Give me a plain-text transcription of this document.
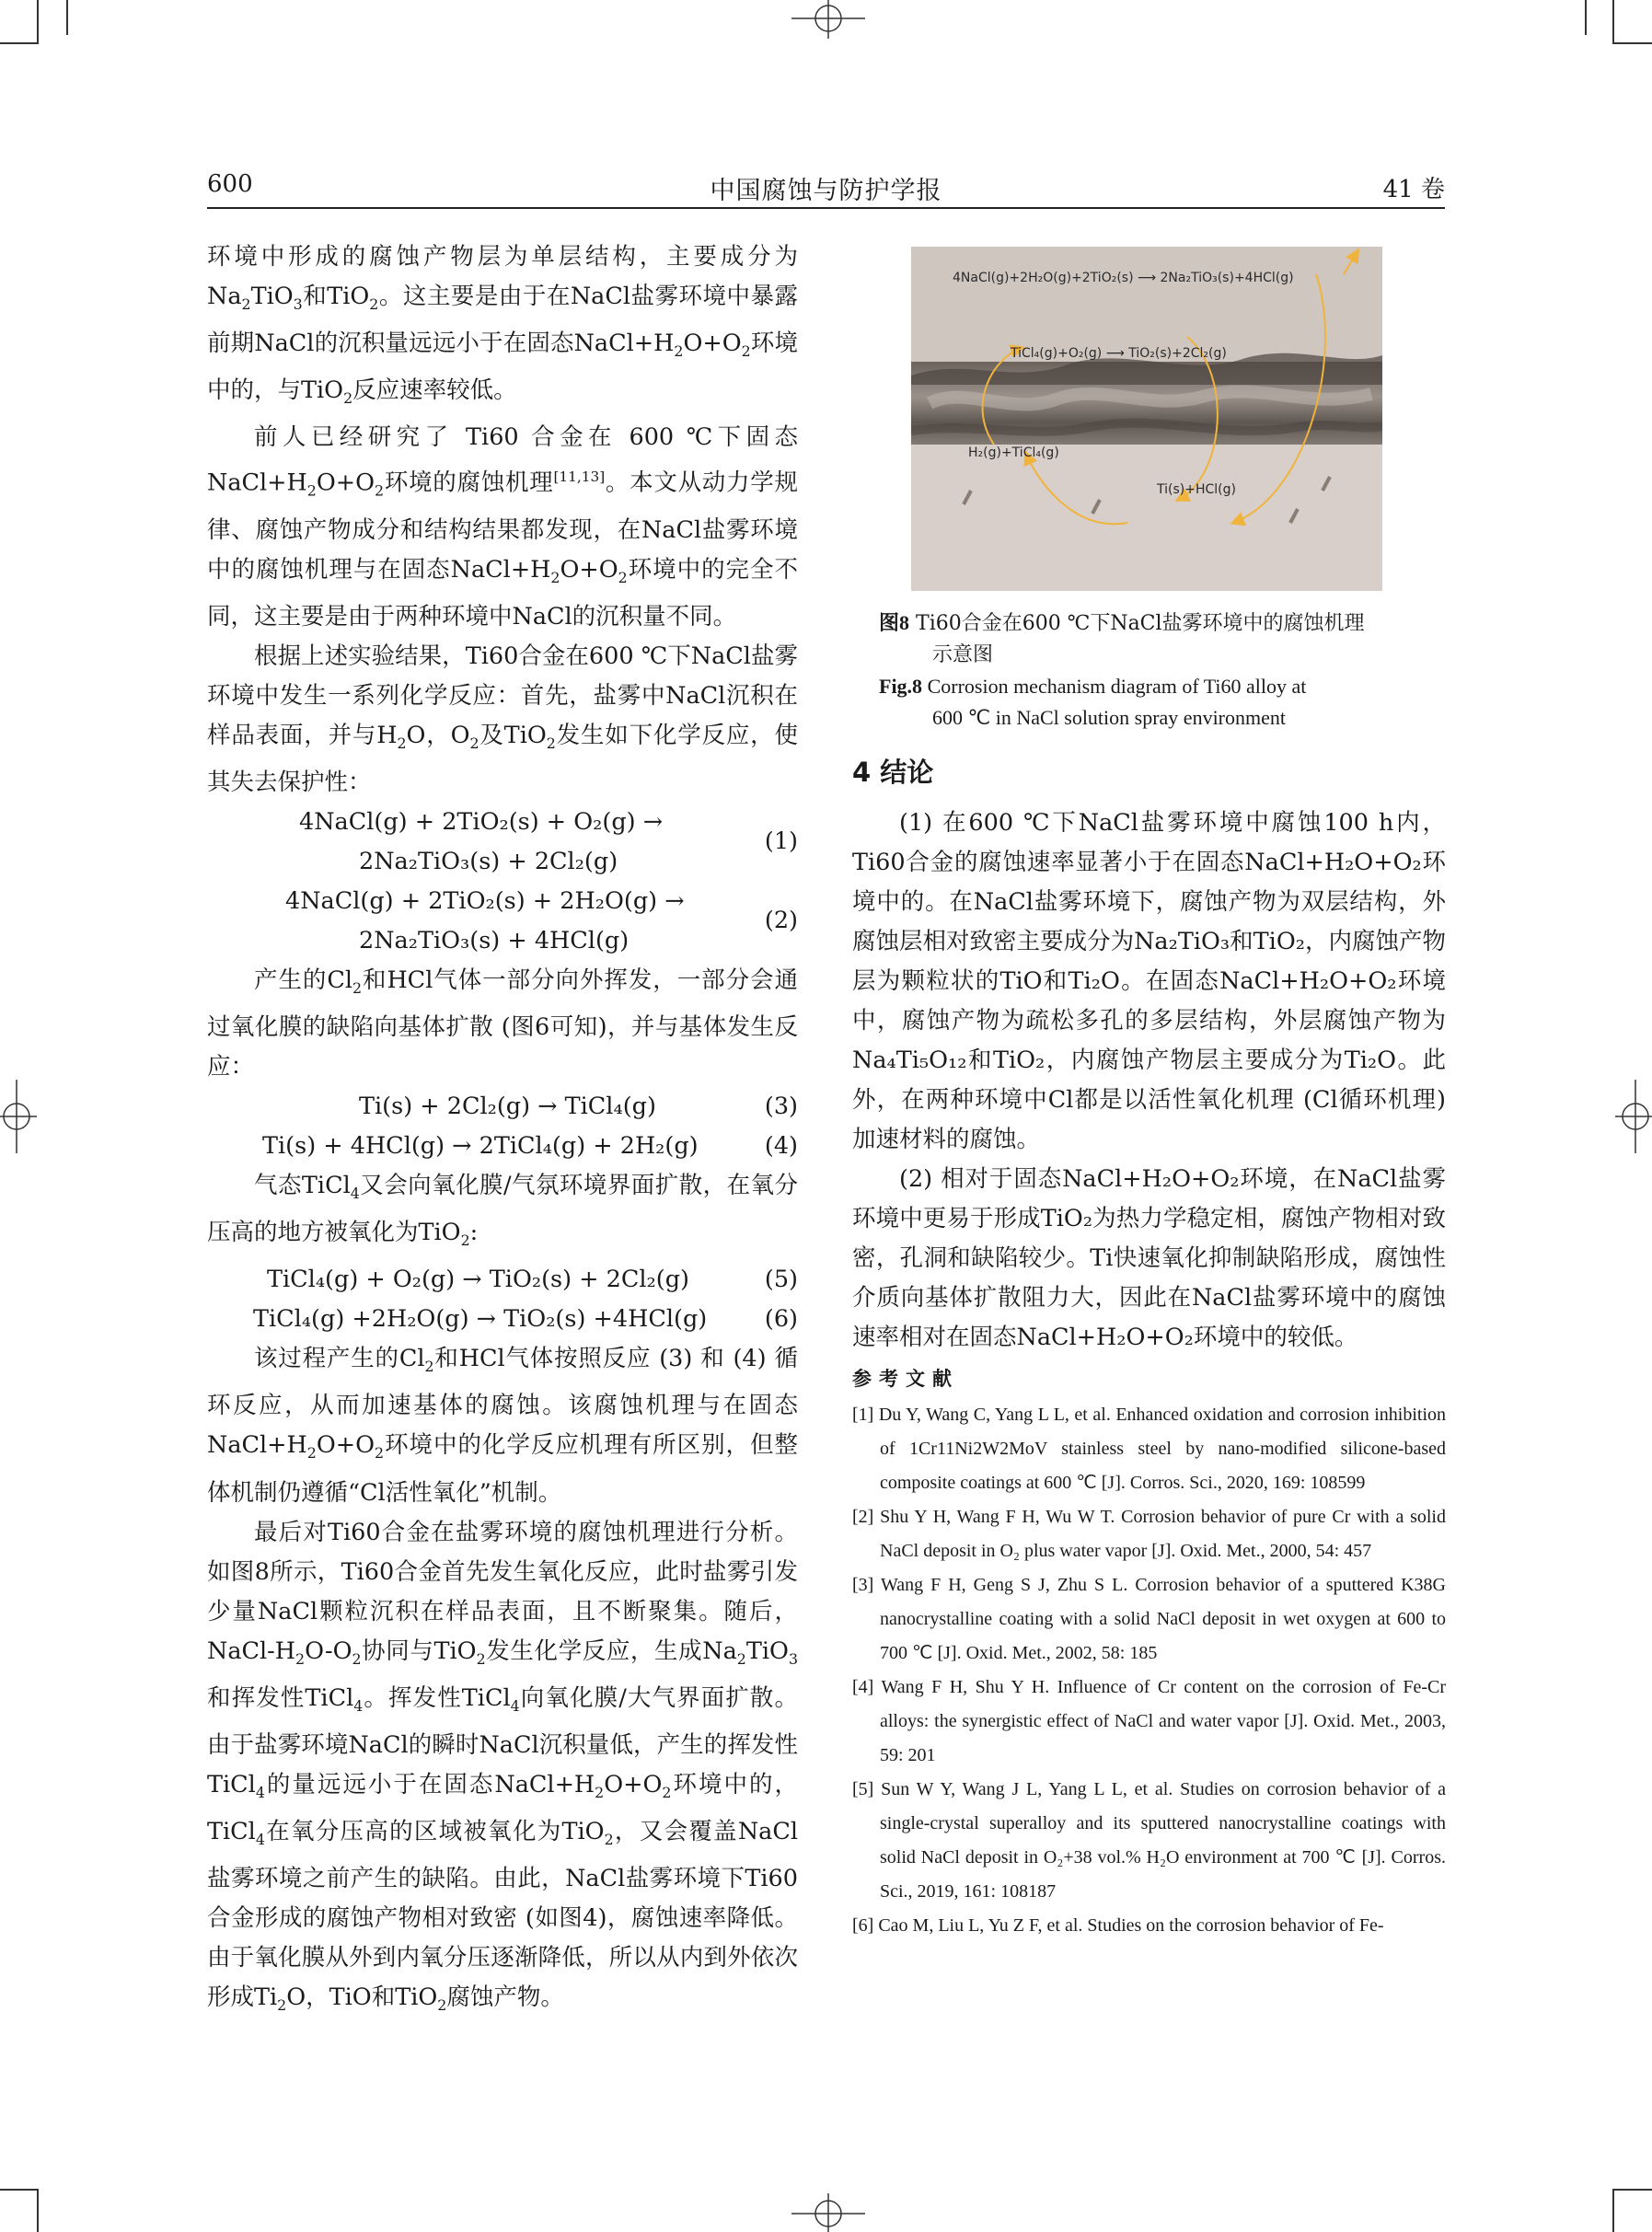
600	中国腐蚀与防护学报	41 卷

环境中形成的腐蚀产物层为单层结构，主要成分为$Na_2TiO_3$和TiO$_2$。这主要是由于在NaCl盐雾环境中暴露前期NaCl的沉积量远远小于在固态$NaCl+H_2O+O_2$环境中的，与TiO$_2$反应速率较低。

前人已经研究了 Ti60 合金在 600 ℃下固态$NaCl+H_2O+O_2$环境的腐蚀机理[11,13]。本文从动力学规律、腐蚀产物成分和结构结果都发现，在NaCl盐雾环境中的腐蚀机理与在固态$NaCl+H_2O+O_2$环境中的完全不同，这主要是由于两种环境中NaCl的沉积量不同。

根据上述实验结果，Ti60合金在600 ℃下NaCl盐雾环境中发生一系列化学反应：首先，盐雾中NaCl沉积在样品表面，并与$H_2O$，$O_2$及TiO$_2$发生如下化学反应，使其失去保护性：

4NaCl(g) + 2TiO₂(s) + O₂(g) →
2Na₂TiO₃(s) + 2Cl₂(g)
(1)
4NaCl(g) + 2TiO₂(s) + 2H₂O(g) →
2Na₂TiO₃(s) + 4HCl(g)
(2)

产生的$Cl_2$和HCl气体一部分向外挥发，一部分会通过氧化膜的缺陷向基体扩散 (图6可知)，并与基体发生反应：

Ti(s) + 2Cl₂(g) → TiCl₄(g)	(3)
Ti(s) + 4HCl(g) → 2TiCl₄(g) + 2H₂(g)	(4)

气态TiCl$_4$又会向氧化膜/气氛环境界面扩散，在氧分压高的地方被氧化为TiO$_2$:

TiCl₄(g) + O₂(g) → TiO₂(s) + 2Cl₂(g)	(5)
TiCl₄(g) +2H₂O(g) → TiO₂(s) +4HCl(g) (6)

该过程产生的$Cl_2$和HCl气体按照反应 (3) 和 (4) 循环反应，从而加速基体的腐蚀。该腐蚀机理与在固态$NaCl+H_2O+O_2$环境中的化学反应机理有所区别，但整体机制仍遵循“Cl活性氧化”机制。

最后对Ti60合金在盐雾环境的腐蚀机理进行分析。如图8所示，Ti60合金首先发生氧化反应，此时盐雾引发少量NaCl颗粒沉积在样品表面，且不断聚集。随后，NaCl-$H_2O-O_2$协同与TiO$_2$发生化学反应，生成$Na_2TiO_3$和挥发性TiCl$_4$。挥发性TiCl$_4$向氧化膜/大气界面扩散。由于盐雾环境NaCl的瞬时NaCl沉积量低，产生的挥发性TiCl$_4$的量远远小于在固态$NaCl+H_2O+O_2$环境中的，TiCl$_4$在氧分压高的区域被氧化为TiO$_2$，又会覆盖NaCl盐雾环境之前产生的缺陷。由此，NaCl盐雾环境下Ti60合金形成的腐蚀产物相对致密 (如图4)，腐蚀速率降低。由于氧化膜从外到内氧分压逐渐降低，所以从内到外依次形成$Ti_2O$，TiO和TiO$_2$腐蚀产物。

4NaCl(g)+2H₂O(g)+2TiO₂(s) ⟶ 2Na₂TiO₃(s)+4HCl(g)
TiCl₄(g)+O₂(g) ⟶ TiO₂(s)+2Cl₂(g)
H₂(g)+TiCl₄(g)
Ti(s)+HCl(g)

图8 Ti60合金在600 ℃下NaCl盐雾环境中的腐蚀机理

示意图

Fig.8 Corrosion mechanism diagram of Ti60 alloy at

600 ℃ in NaCl solution spray environment

4 结论

(1) 在600 ℃下NaCl盐雾环境中腐蚀100 h内，Ti60合金的腐蚀速率显著小于在固态NaCl+H₂O+O₂环境中的。在NaCl盐雾环境下，腐蚀产物为双层结构，外腐蚀层相对致密主要成分为Na₂TiO₃和TiO₂，内腐蚀产物层为颗粒状的TiO和Ti₂O。在固态NaCl+H₂O+O₂环境中，腐蚀产物为疏松多孔的多层结构，外层腐蚀产物为Na₄Ti₅O₁₂和TiO₂，内腐蚀产物层主要成分为Ti₂O。此外，在两种环境中Cl都是以活性氧化机理 (Cl循环机理) 加速材料的腐蚀。

(2) 相对于固态NaCl+H₂O+O₂环境，在NaCl盐雾环境中更易于形成TiO₂为热力学稳定相，腐蚀产物相对致密，孔洞和缺陷较少。Ti快速氧化抑制缺陷形成，腐蚀性介质向基体扩散阻力大，因此在NaCl盐雾环境中的腐蚀速率相对在固态NaCl+H₂O+O₂环境中的较低。

参考文献

[1] Du Y, Wang C, Yang L L, et al. Enhanced oxidation and corrosion inhibition of 1Cr11Ni2W2MoV stainless steel by nano-modified silicone-based composite coatings at 600 ℃ [J]. Corros. Sci., 2020, 169: 108599

[2] Shu Y H, Wang F H, Wu W T. Corrosion behavior of pure Cr with a solid NaCl deposit in O₂ plus water vapor [J]. Oxid. Met., 2000, 54: 457

[3] Wang F H, Geng S J, Zhu S L. Corrosion behavior of a sputtered K38G nanocrystalline coating with a solid NaCl deposit in wet oxygen at 600 to 700 ℃ [J]. Oxid. Met., 2002, 58: 185

[4] Wang F H, Shu Y H. Influence of Cr content on the corrosion of Fe-Cr alloys: the synergistic effect of NaCl and water vapor [J]. Oxid. Met., 2003, 59: 201

[5] Sun W Y, Wang J L, Yang L L, et al. Studies on corrosion behavior of a single-crystal superalloy and its sputtered nanocrystalline coatings with solid NaCl deposit in O₂+38 vol.% H₂O environment at 700 ℃ [J]. Corros. Sci., 2019, 161: 108187

[6] Cao M, Liu L, Yu Z F, et al. Studies on the corrosion behavior of Fe-
